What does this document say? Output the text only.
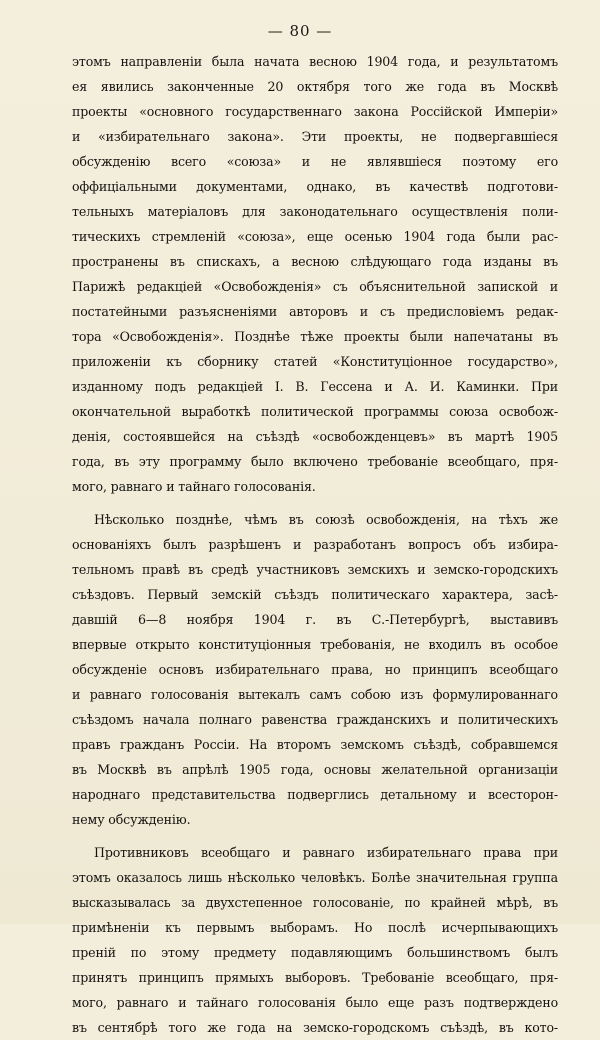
— 80 —

этомъ направленіи была начата весною 1904 года, и результатомъ
ея явились законченные 20 октября того же года въ Москвѣ
проекты «основного государственнаго закона Россійской Имперіи»
и «избирательнаго закона». Эти проекты, не подвергавшіеся
обсужденію всего «союза» и не являвшіеся поэтому его
оффиціальными документами, однако, въ качествѣ подготови-
тельныхъ матеріаловъ для законодательнаго осуществленія поли-
тическихъ стремленій «союза», еще осенью 1904 года были рас-
пространены въ спискахъ, а весною слѣдующаго года изданы въ
Парижѣ редакціей «Освобожденія» съ объяснительной запиской и
постатейными разъясненіями авторовъ и съ предисловіемъ редак-
тора «Освобожденія». Позднѣе тѣже проекты были напечатаны въ
приложеніи къ сборнику статей «Конституціонное государство»,
изданному подъ редакціей І. В. Гессена и А. И. Каминки. При
окончательной выработкѣ политической программы союза освобож-
денія, состоявшейся на съѣздѣ «освобожденцевъ» въ мартѣ 1905
года, въ эту программу было включено требованіе всеобщаго, пря-
мого, равнаго и тайнаго голосованія.

Нѣсколько позднѣе, чѣмъ въ союзѣ освобожденія, на тѣхъ же
основаніяхъ былъ разрѣшенъ и разработанъ вопросъ объ избира-
тельномъ правѣ въ средѣ участниковъ земскихъ и земско-городскихъ
съѣздовъ. Первый земскій съѣздъ политическаго характера, засѣ-
давшій 6—8 ноября 1904 г. въ С.-Петербургѣ, выставивъ
впервые открыто конституціонныя требованія, не входилъ въ особое
обсужденіе основъ избирательнаго права, но принципъ всеобщаго
и равнаго голосованія вытекалъ самъ собою изъ формулированнаго
съѣздомъ начала полнаго равенства гражданскихъ и политическихъ
правъ гражданъ Россіи. На второмъ земскомъ съѣздѣ, собравшемся
въ Москвѣ въ апрѣлѣ 1905 года, основы желательной организаціи
народнаго представительства подверглись детальному и всесторон-
нему обсужденію.

Противниковъ всеобщаго и равнаго избирательнаго права при
этомъ оказалось лишь нѣсколько человѣкъ. Болѣе значительная группа
высказывалась за двухстепенное голосованіе, по крайней мѣрѣ, въ
примѣненіи къ первымъ выборамъ. Но послѣ исчерпывающихъ
преній по этому предмету подавляющимъ большинствомъ былъ
принятъ принципъ прямыхъ выборовъ. Требованіе всеобщаго, пря-
мого, равнаго и тайнаго голосованія было еще разъ подтверждено
въ сентябрѣ того же года на земско-городскомъ съѣздѣ, въ кото-
